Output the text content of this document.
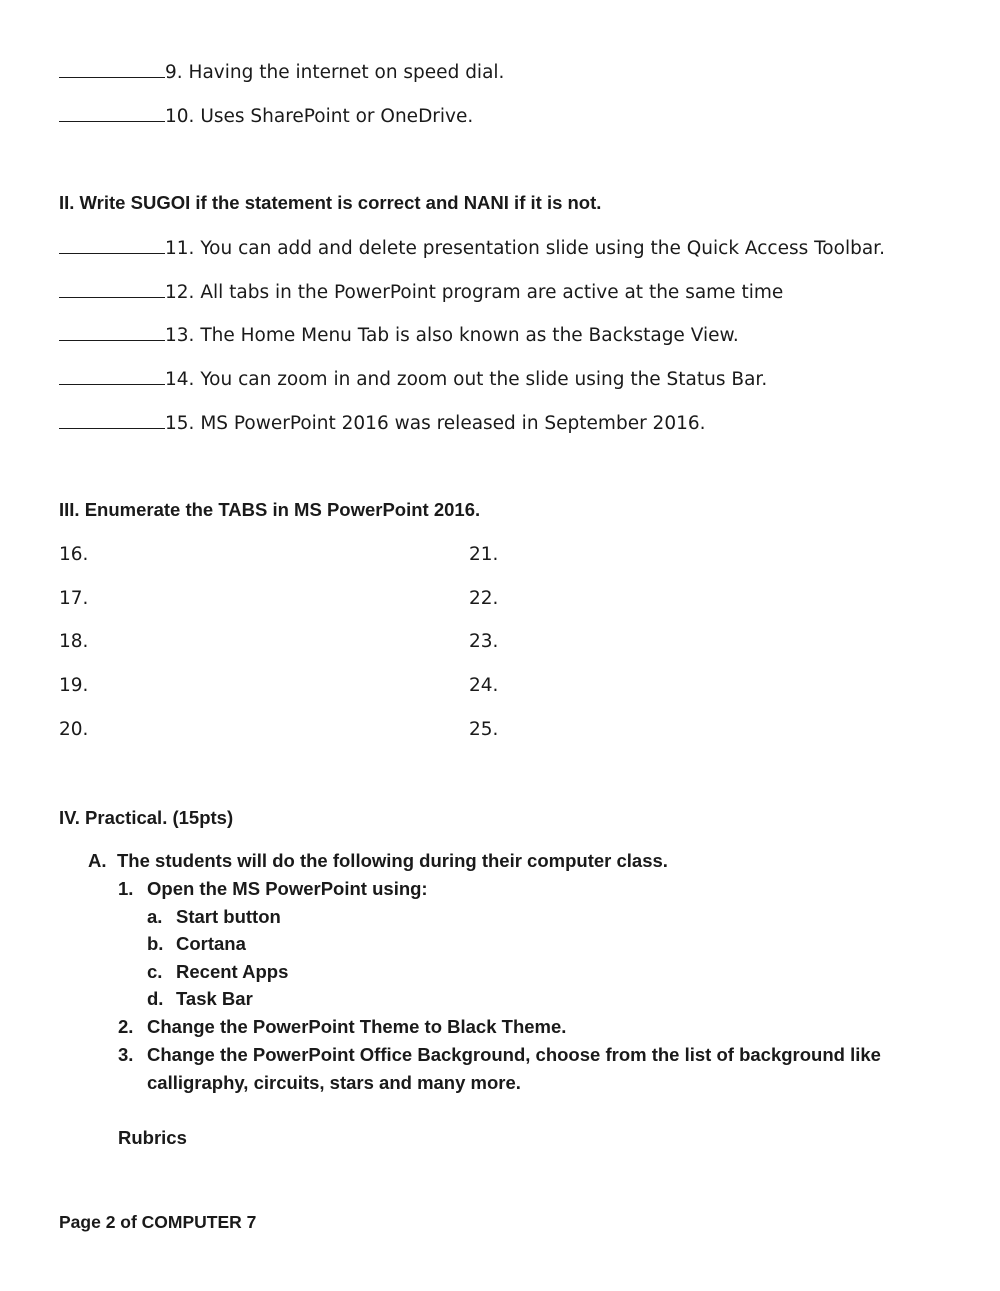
9. Having the internet on speed dial.
10. Uses SharePoint or OneDrive.
II. Write SUGOI if the statement is correct and NANI if it is not.
11. You can add and delete presentation slide using the Quick Access Toolbar.
12. All tabs in the PowerPoint program are active at the same time
13. The Home Menu Tab is also known as the Backstage View.
14. You can zoom in and zoom out the slide using the Status Bar.
15. MS PowerPoint 2016 was released in September 2016.
III. Enumerate the TABS in MS PowerPoint 2016.
16.
17.
18.
19.
20.
21.
22.
23.
24.
25.
IV. Practical. (15pts)
A. The students will do the following during their computer class.
1. Open the MS PowerPoint using:
a. Start button
b. Cortana
c. Recent Apps
d. Task Bar
2. Change the PowerPoint Theme to Black Theme.
3. Change the PowerPoint Office Background, choose from the list of background like
calligraphy, circuits, stars and many more.
Rubrics
Page 2 of COMPUTER 7
